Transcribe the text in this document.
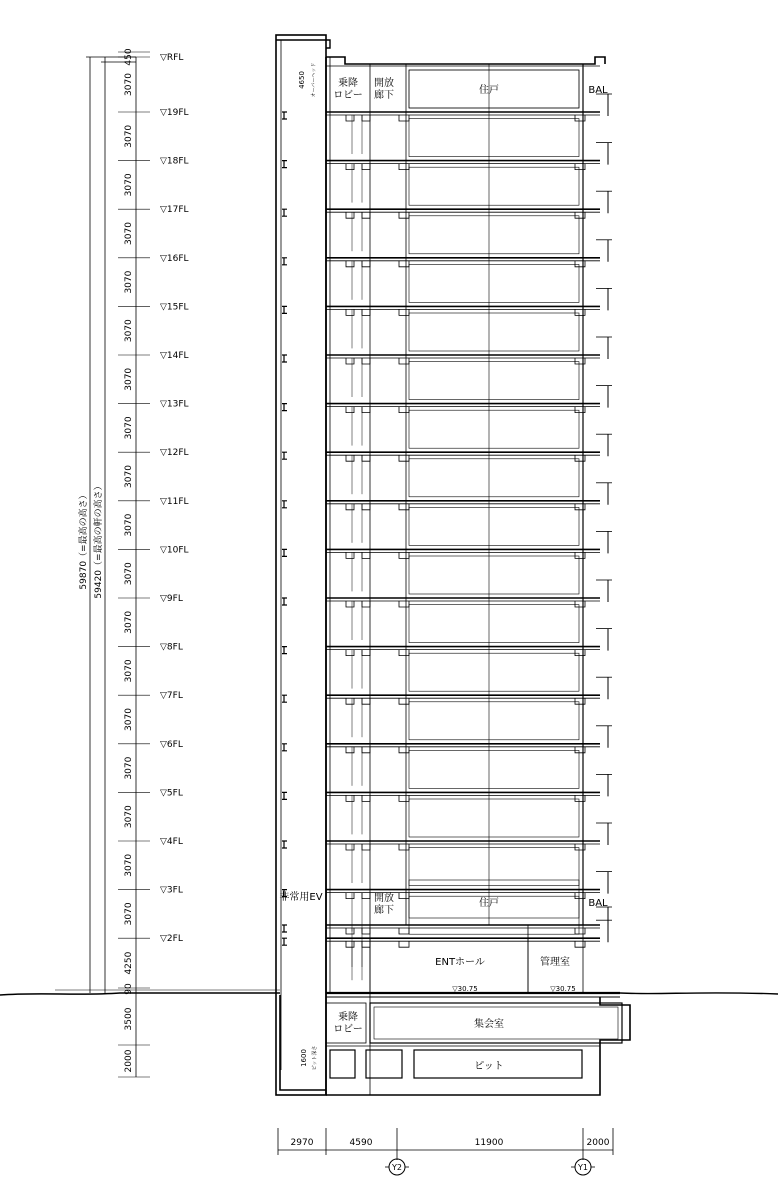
450
3070
3070
3070
3070
3070
3070
3070
3070
3070
3070
3070
3070
3070
3070
3070
3070
3070
3070
4250
90
3500
2000
59870（=最高の高さ） 59420（=最高の軒の高さ）
▽RFL
▽19FL
▽18FL
▽17FL
▽16FL
▽15FL
▽14FL
▽13FL
▽12FL
▽11FL
▽10FL
▽9FL
▽8FL
▽7FL
▽6FL
▽5FL
▽4FL
▽3FL
▽2FL
乗降ロビー
開放廊下	住戸	BAL
4650 オーバーヘッド
非常用EV	開放廊下
住戸	BAL
ENTホール	管理室
▽30.75	▽30.75
乗降ロビー	集会室
ピット
1600 ピット深さ
2970	4590	11900	2000
Y2	Y1
